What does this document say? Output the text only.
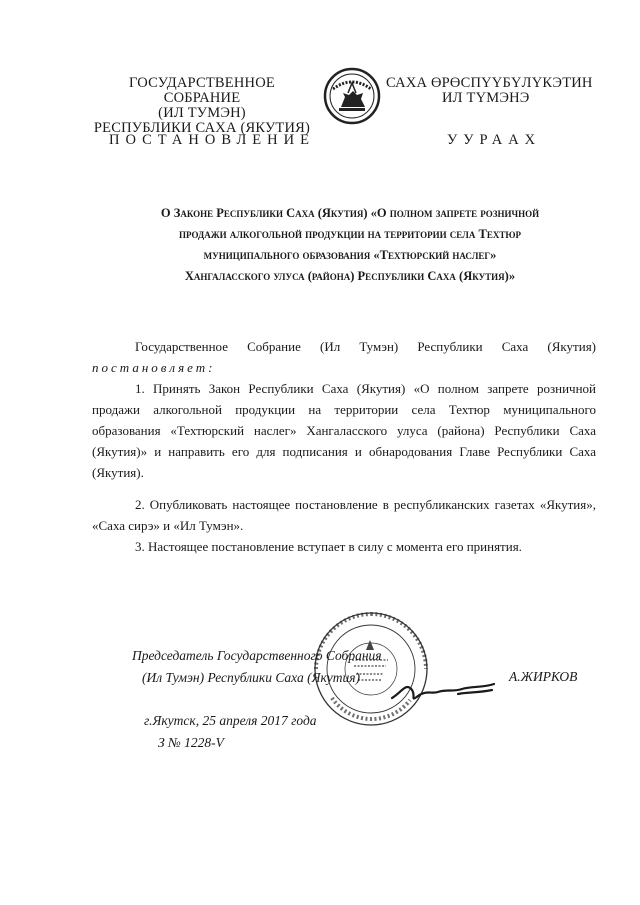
ГОСУДАРСТВЕННОЕ СОБРАНИЕ
(ИЛ ТУМЭН)
РЕСПУБЛИКИ САХА (ЯКУТИЯ)
САХА ӨРӨСПҮҮБҮЛҮКЭТИН
ИЛ ТҮМЭНЭ
ПОСТАНОВЛЕНИЕ	УУРААХ
О Законе Республики Саха (Якутия) «О полном запрете розничной
продажи алкогольной продукции на территории села Техтюр
муниципального образования «Техтюрский наслег»
Хангаласского улуса (района) Республики Саха (Якутия)»
Государственное Собрание (Ил Тумэн) Республики Саха (Якутия)
постановляет:
1. Принять Закон Республики Саха (Якутия) «О полном запрете розничной продажи алкогольной продукции на территории села Техтюр муниципального образования «Техтюрский наслег» Хангаласского улуса (района) Республики Саха (Якутия)» и направить его для подписания и обнародования Главе Республики Саха (Якутия).
2. Опубликовать настоящее постановление в республиканских газетах «Якутия», «Саха сирэ» и «Ил Тумэн».
3. Настоящее постановление вступает в силу с момента его принятия.
Председатель Государственного Собрания
(Ил Тумэн) Республики Саха (Якутия)	А.ЖИРКОВ
г.Якутск, 25 апреля 2017 года
З № 1228-V
